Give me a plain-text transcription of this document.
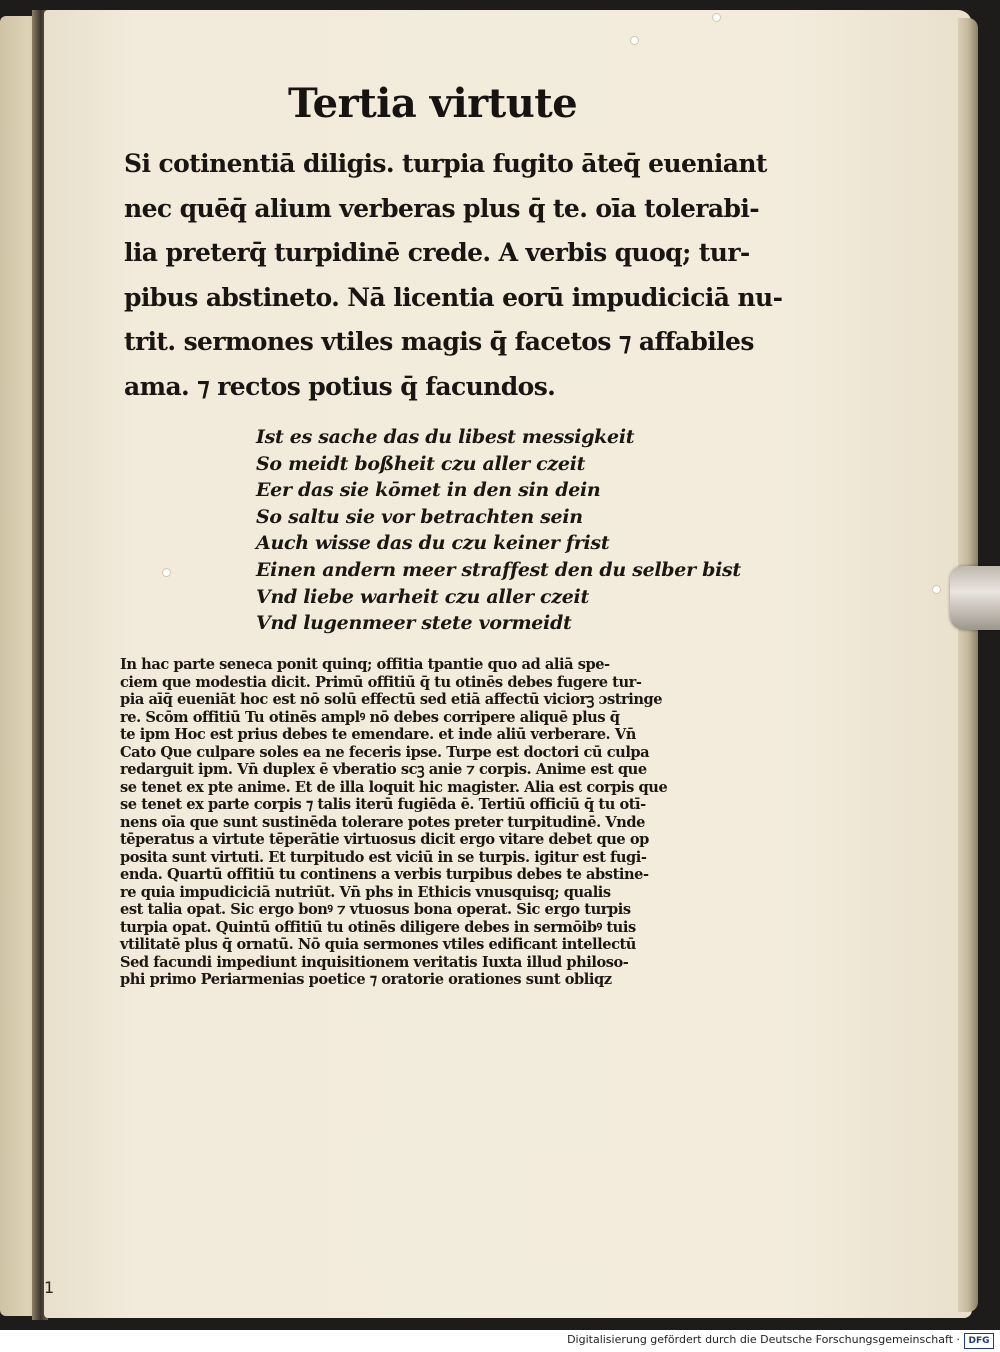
Tertia virtute
Si cotinentiā diligis. turpia fugito āteq̄ eueniant
nec quēq̄ alium verberas plus q̄ te. oīa tolerabi-
lia preterq̄ turpidinē crede. A verbis quoq; tur-
pibus abstineto. Nā licentia eorū impudiciciā nu-
trit. sermones vtiles magis q̄ facetos ⁊ affabiles
ama. ⁊ rectos potius q̄ facundos.
Ist es sache das du libest messigkeit
So meidt boßheit czu aller czeit
Eer das sie kōmet in den sin dein
So saltu sie vor betrachten sein
Auch wisse das du czu keiner frist
Einen andern meer straffest den du selber bist
Vnd liebe warheit czu aller czeit
Vnd lugenmeer stete vormeidt
In hac parte seneca ponit quinq; offitia tpantie quo ad aliā spe-
ciem que modestia dicit. Primū offitiū q̄ tu otinēs debes fugere tur-
pia aīq̄ eueniāt hoc est nō solū effectū sed etiā affectū viciorꝫ ɔstringe
re. Scōm offitiū Tu otinēs amplꝰ nō debes corripere aliquē plus q̄
te ipm Hoc est prius debes te emendare. et inde aliū verberare. Vn̄
Cato Que culpare soles ea ne feceris ipse. Turpe est doctori cū culpa
redarguit ipm. Vn̄ duplex ē vberatio scꝫ anie ⁊ corpis. Anime est que
se tenet ex pte anime. Et de illa loquit hic magister. Alia est corpis que
se tenet ex parte corpis ⁊ talis iterū fugiēda ē. Tertiū officiū q̄ tu otī-
nens oīa que sunt sustinēda tolerare potes preter turpitudinē. Vnde
tēperatus a virtute tēperātie virtuosus dicit ergo vitare debet que op
posita sunt virtuti. Et turpitudo est viciū in se turpis. igitur est fugi-
enda. Quartū offitiū tu continens a verbis turpibus debes te abstine-
re quia impudiciciā nutriūt. Vn̄ phs in Ethicis vnusquisq; qualis
est talia opat. Sic ergo bonꝰ ⁊ vtuosus bona operat. Sic ergo turpis
turpia opat. Quintū offitiū tu otinēs diligere debes in sermōibꝰ tuis
vtilitatē plus q̄ ornatū. Nō quia sermones vtiles edificant intellectū
Sed facundi impediunt inquisitionem veritatis Iuxta illud philoso-
phi primo Periarmenias poetice ⁊ oratorie orationes sunt obliqz
1
Digitalisierung gefördert durch die Deutsche Forschungsgemeinschaft · DFG
